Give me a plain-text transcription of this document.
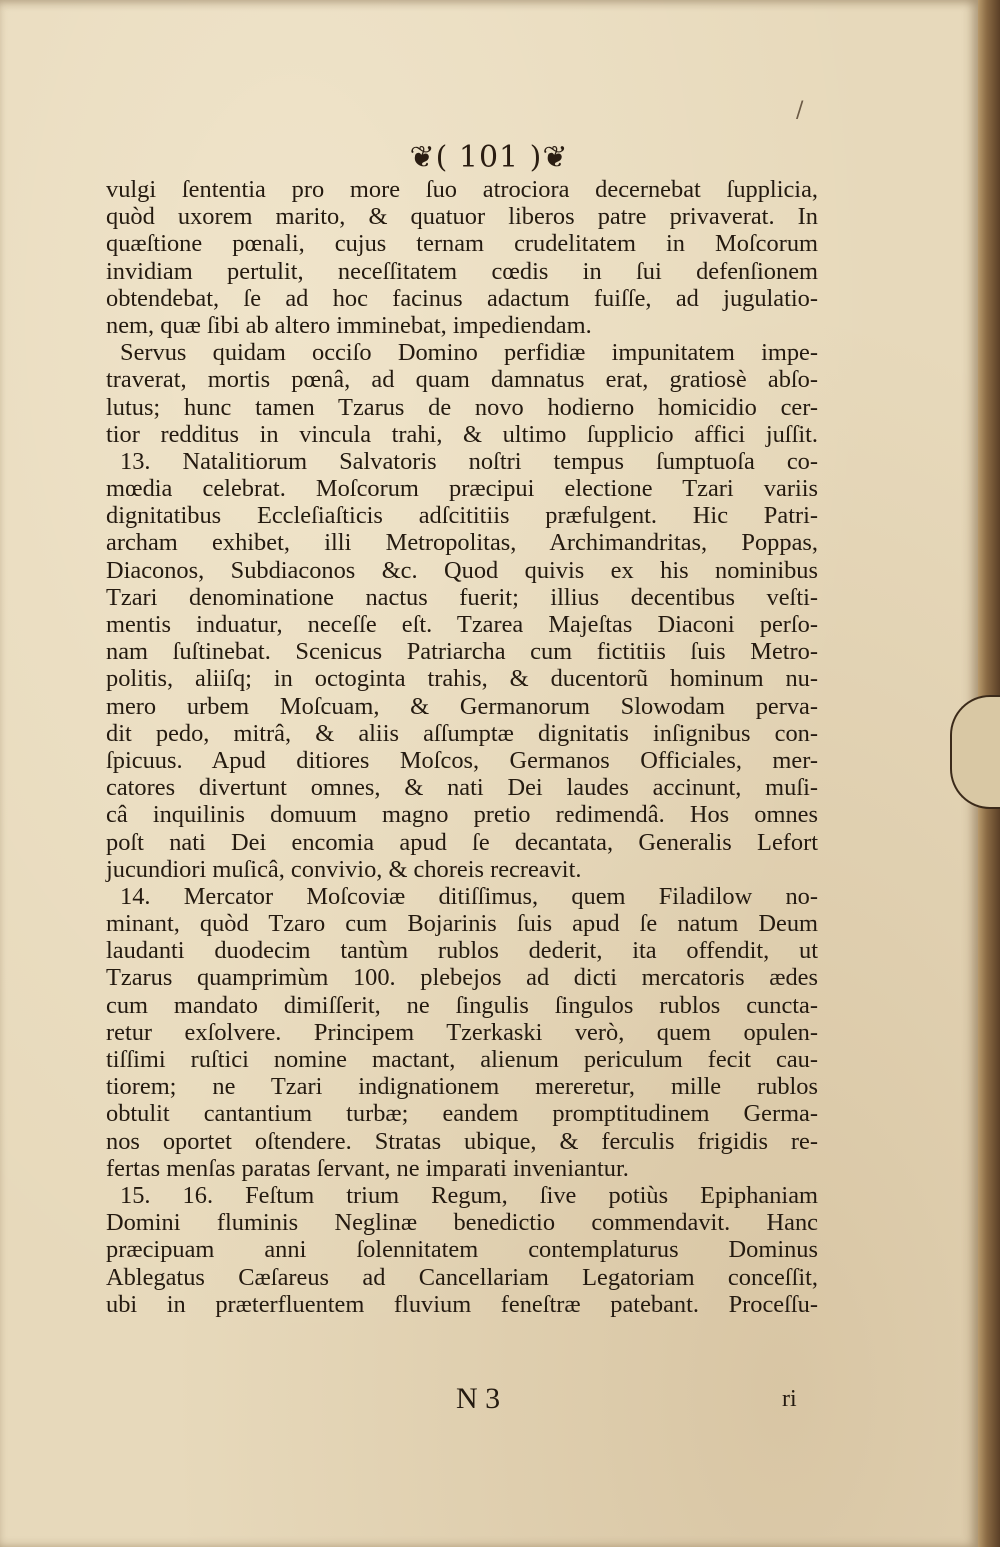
/
❦( 101 )❦
vulgi ſententia pro more ſuo atrociora decernebat ſupplicia,
quòd uxorem marito, & quatuor liberos patre privaverat. In
quæſtione pœnali, cujus ternam crudelitatem in Moſcorum
invidiam pertulit, neceſſitatem cœdis in ſui defenſionem
obtendebat, ſe ad hoc facinus adactum fuiſſe, ad jugulatio-
nem, quæ ſibi ab altero imminebat, impediendam.
Servus quidam occiſo Domino perfidiæ impunitatem impe-
traverat, mortis pœnâ, ad quam damnatus erat, gratiosè abſo-
lutus; hunc tamen Tzarus de novo hodierno homicidio cer-
tior redditus in vincula trahi, & ultimo ſupplicio affici juſſit.
13. Natalitiorum Salvatoris noſtri tempus ſumptuoſa co-
mœdia celebrat. Moſcorum præcipui electione Tzari variis
dignitatibus Eccleſiaſticis adſcititiis præfulgent. Hic Patri-
archam exhibet, illi Metropolitas, Archimandritas, Poppas,
Diaconos, Subdiaconos &c. Quod quivis ex his nominibus
Tzari denominatione nactus fuerit; illius decentibus veſti-
mentis induatur, neceſſe eſt. Tzarea Majeſtas Diaconi perſo-
nam ſuſtinebat. Scenicus Patriarcha cum fictitiis ſuis Metro-
politis, aliiſq; in octoginta trahis, & ducentorũ hominum nu-
mero urbem Moſcuam, & Germanorum Slowodam perva-
dit pedo, mitrâ, & aliis aſſumptæ dignitatis inſignibus con-
ſpicuus. Apud ditiores Moſcos, Germanos Officiales, mer-
catores divertunt omnes, & nati Dei laudes accinunt, muſi-
câ inquilinis domuum magno pretio redimendâ. Hos omnes
poſt nati Dei encomia apud ſe decantata, Generalis Lefort
jucundiori muſicâ, convivio, & choreis recreavit.
14. Mercator Moſcoviæ ditiſſimus, quem Filadilow no-
minant, quòd Tzaro cum Bojarinis ſuis apud ſe natum Deum
laudanti duodecim tantùm rublos dederit, ita offendit, ut
Tzarus quamprimùm 100. plebejos ad dicti mercatoris ædes
cum mandato dimiſſerit, ne ſingulis ſingulos rublos cuncta-
retur exſolvere. Principem Tzerkaski verò, quem opulen-
tiſſimi ruſtici nomine mactant, alienum periculum fecit cau-
tiorem; ne Tzari indignationem mereretur, mille rublos
obtulit cantantium turbæ; eandem promptitudinem Germa-
nos oportet oſtendere. Stratas ubique, & ferculis frigidis re-
fertas menſas paratas ſervant, ne imparati inveniantur.
15. 16. Feſtum trium Regum, ſive potiùs Epiphaniam
Domini fluminis Neglinæ benedictio commendavit. Hanc
præcipuam anni ſolennitatem contemplaturus Dominus
Ablegatus Cæſareus ad Cancellariam Legatoriam conceſſit,
ubi in præterfluentem fluvium feneſtræ patebant. Proceſſu-
N 3	ri
